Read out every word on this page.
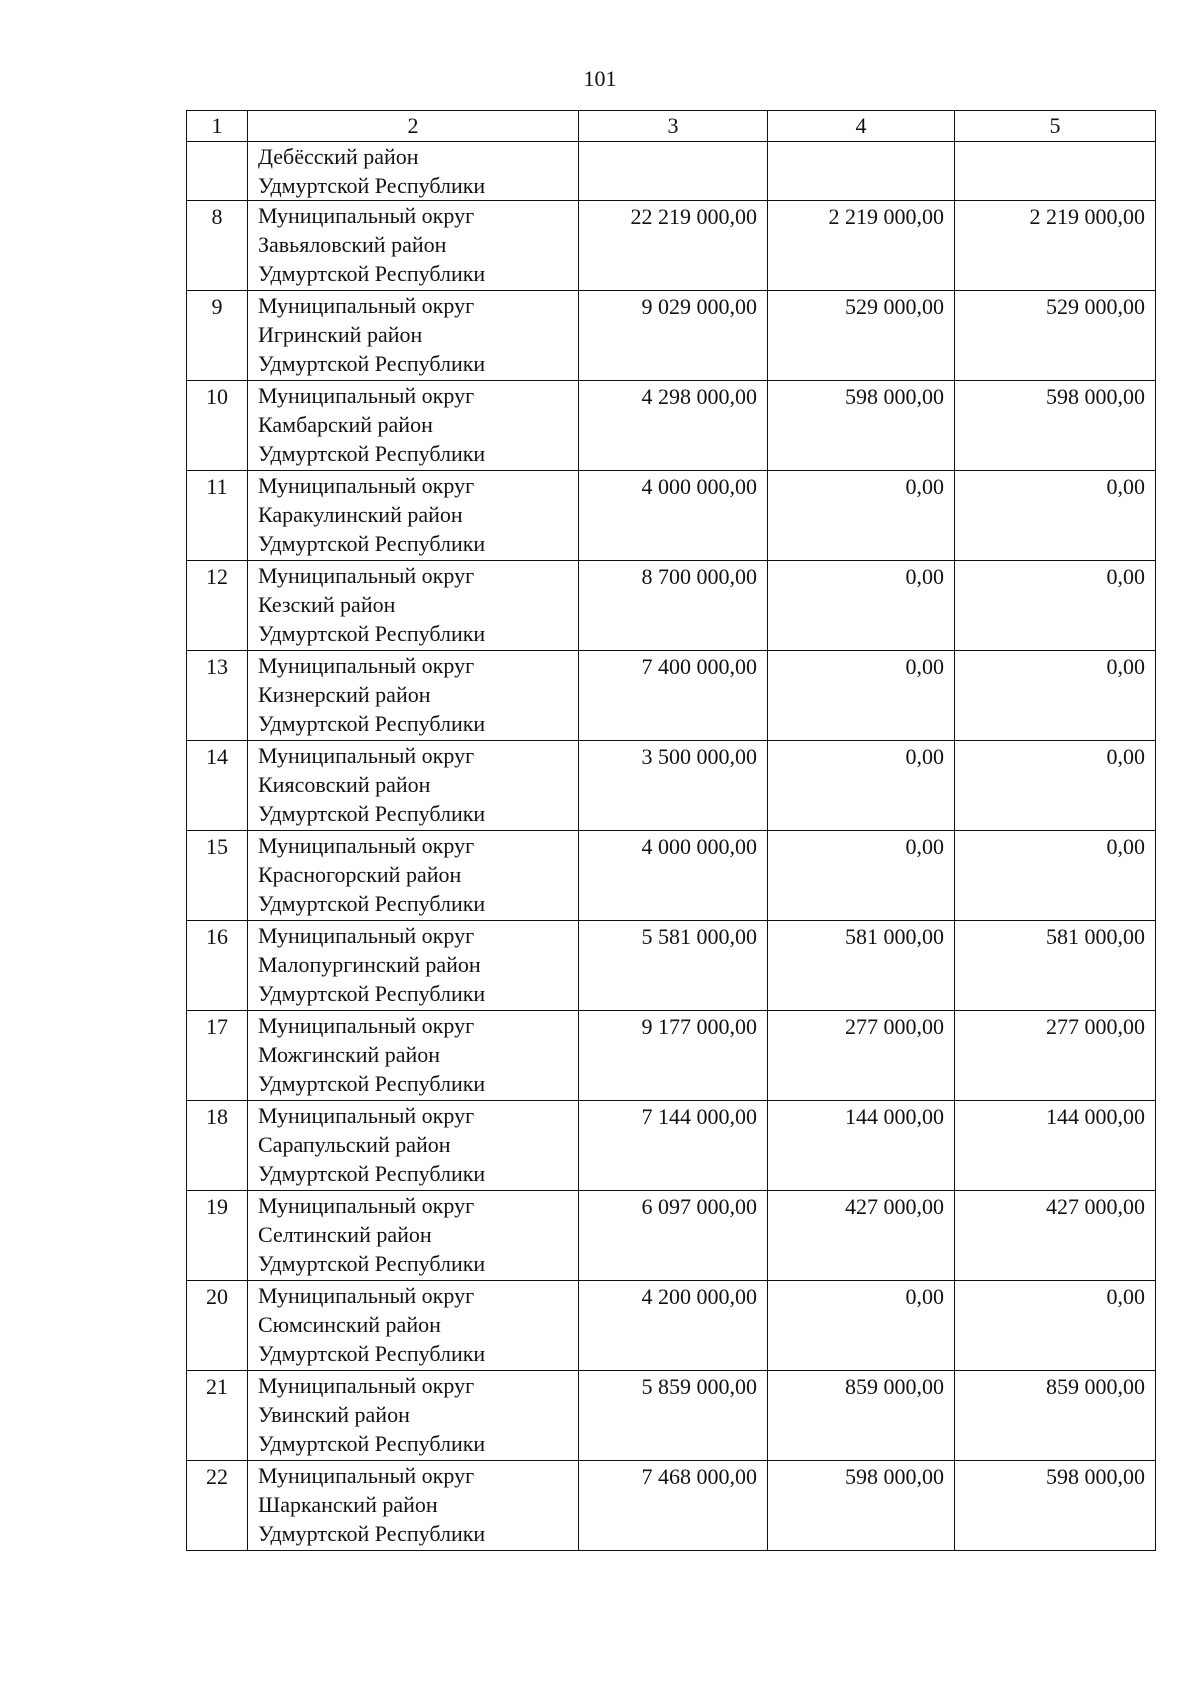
101
1	2	3	4	5

	Дебёсский район
Удмуртской Республики			

8	Муниципальный округ
Завьяловский район
Удмуртской Республики	22 219 000,00	2 219 000,00	2 219 000,00

9	Муниципальный округ
Игринский район
Удмуртской Республики	9 029 000,00	529 000,00	529 000,00

10	Муниципальный округ
Камбарский район
Удмуртской Республики	4 298 000,00	598 000,00	598 000,00

11	Муниципальный округ
Каракулинский район
Удмуртской Республики	4 000 000,00	0,00	0,00

12	Муниципальный округ
Кезский район
Удмуртской Республики	8 700 000,00	0,00	0,00

13	Муниципальный округ
Кизнерский район
Удмуртской Республики	7 400 000,00	0,00	0,00

14	Муниципальный округ
Киясовский район
Удмуртской Республики	3 500 000,00	0,00	0,00

15	Муниципальный округ
Красногорский район
Удмуртской Республики	4 000 000,00	0,00	0,00

16	Муниципальный округ
Малопургинский район
Удмуртской Республики	5 581 000,00	581 000,00	581 000,00

17	Муниципальный округ
Можгинский район
Удмуртской Республики	9 177 000,00	277 000,00	277 000,00

18	Муниципальный округ
Сарапульский район
Удмуртской Республики	7 144 000,00	144 000,00	144 000,00

19	Муниципальный округ
Селтинский район
Удмуртской Республики	6 097 000,00	427 000,00	427 000,00

20	Муниципальный округ
Сюмсинский район
Удмуртской Республики	4 200 000,00	0,00	0,00

21	Муниципальный округ
Увинский район
Удмуртской Республики	5 859 000,00	859 000,00	859 000,00

22	Муниципальный округ
Шарканский район
Удмуртской Республики	7 468 000,00	598 000,00	598 000,00
